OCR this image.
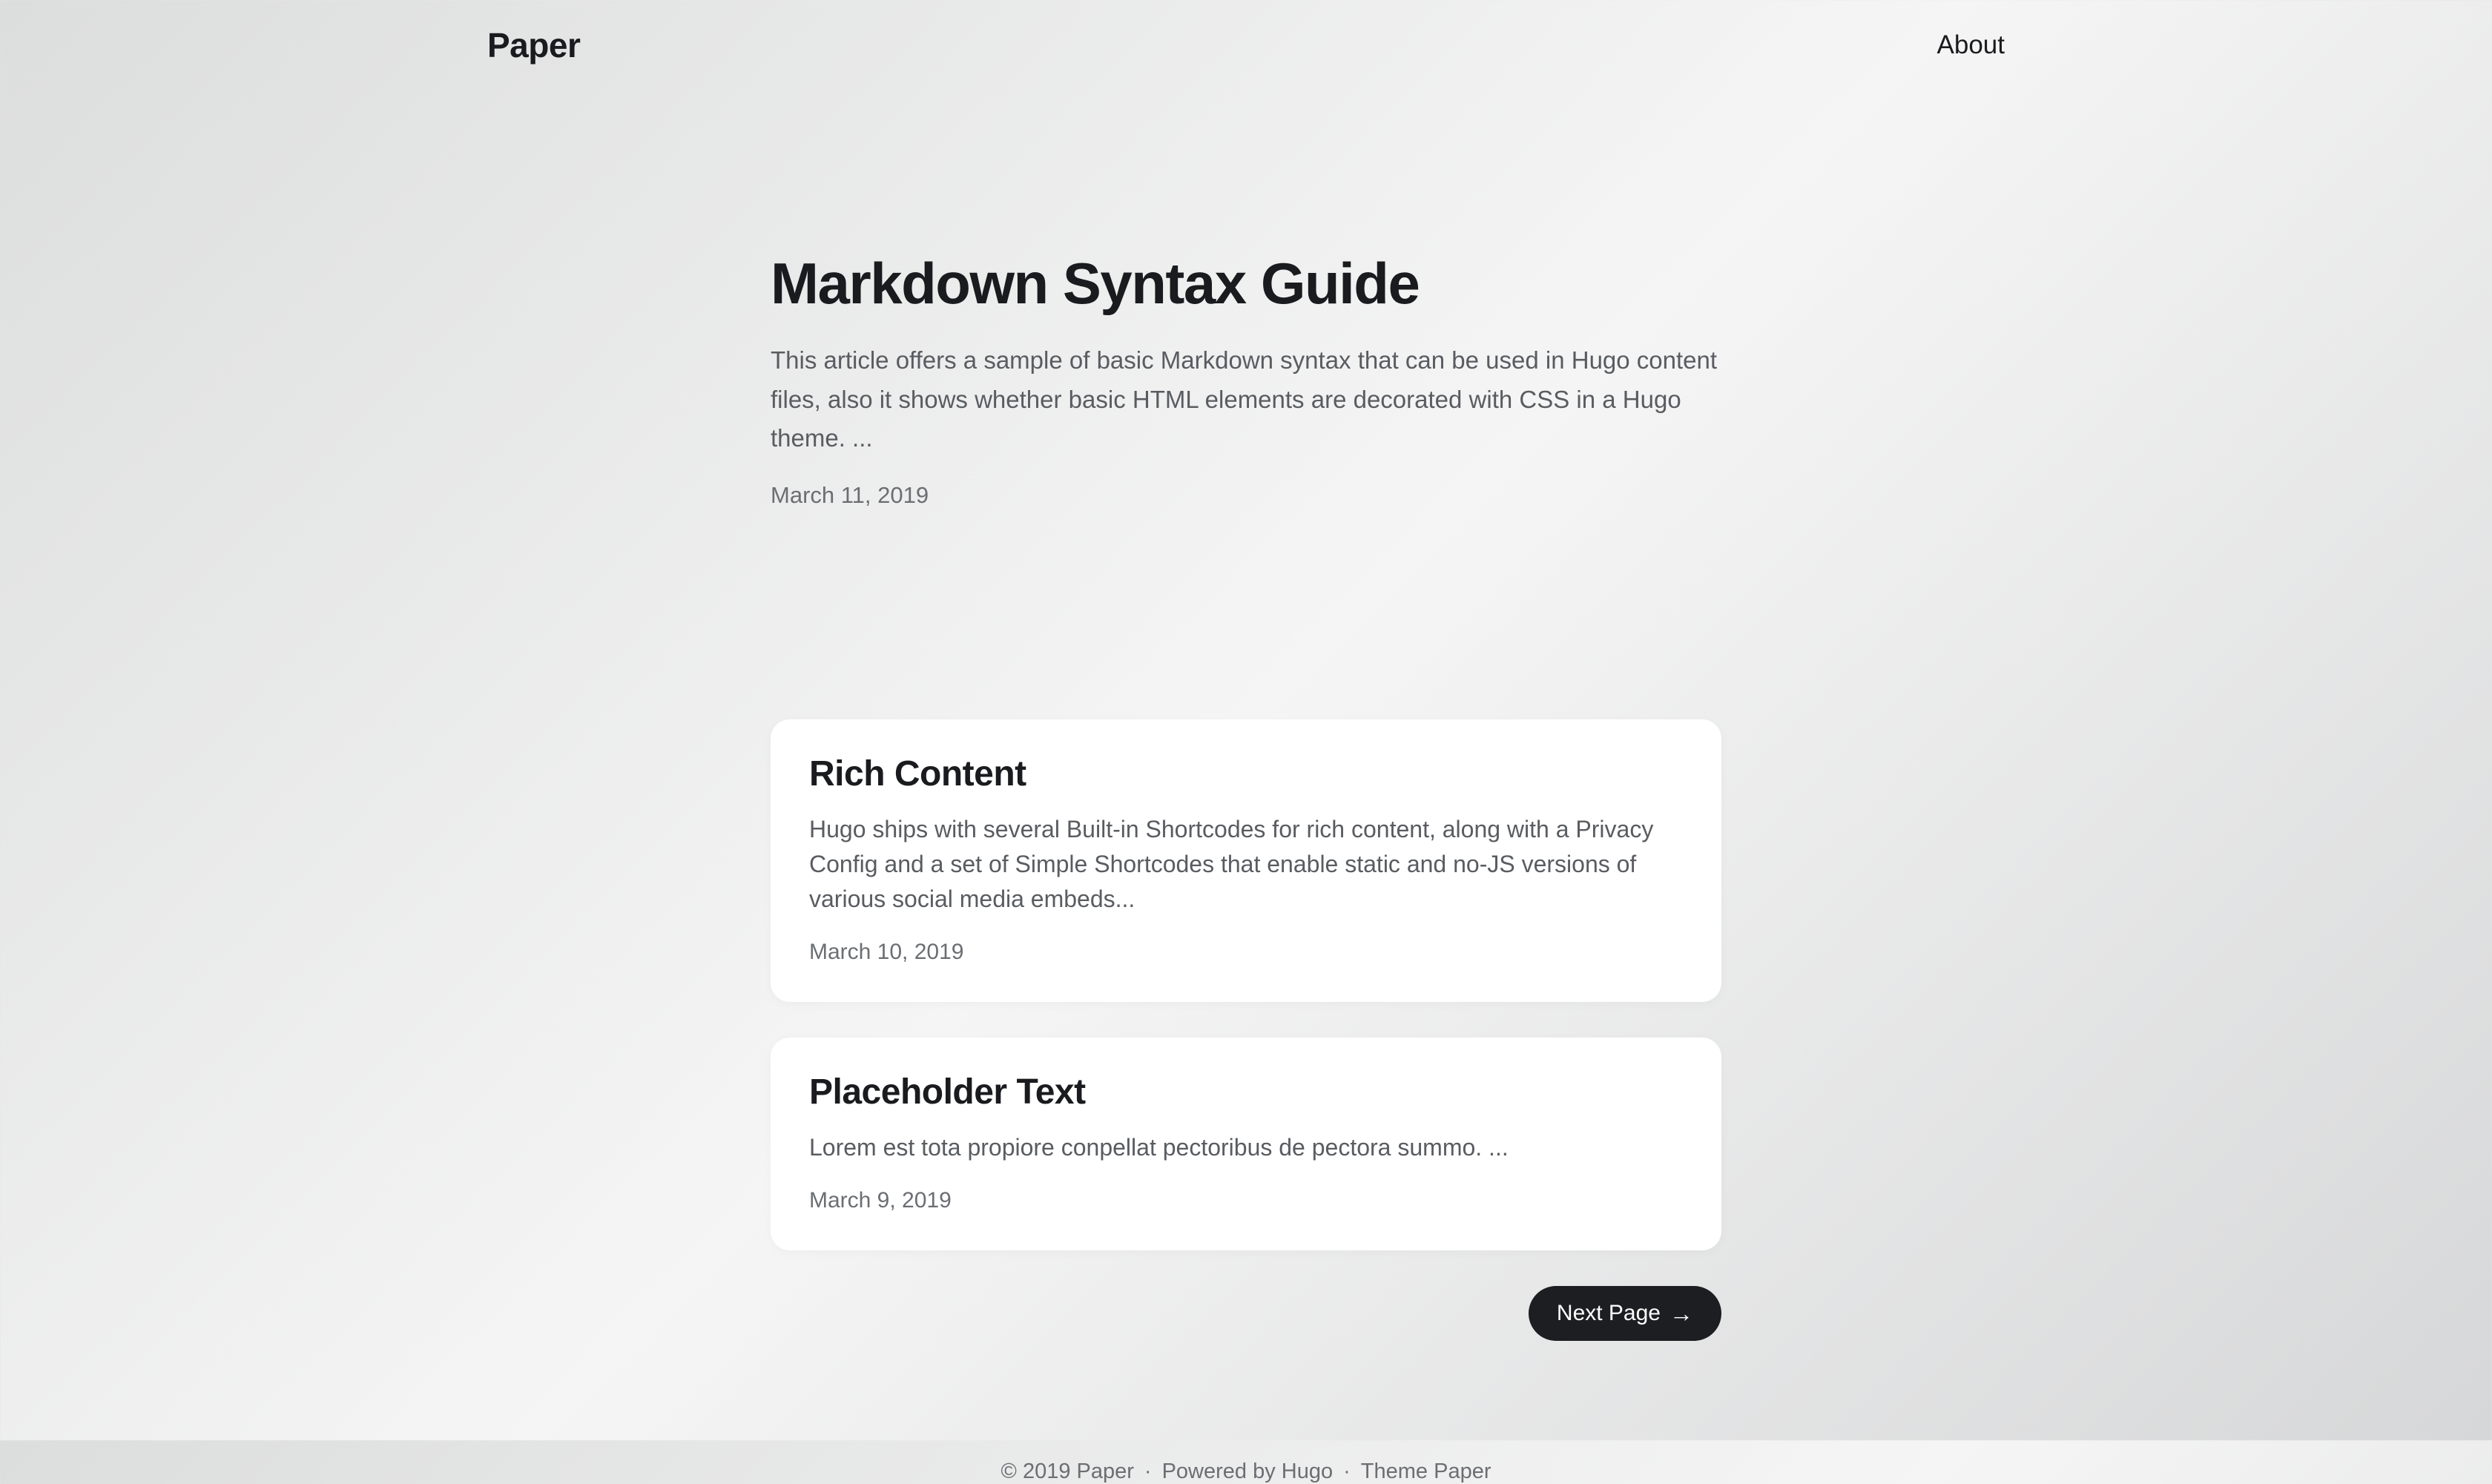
Paper	About
Markdown Syntax Guide

This article offers a sample of basic Markdown syntax that can be used in Hugo content files, also it shows whether basic HTML elements are decorated with CSS in a Hugo theme. ...

March 11, 2019
Rich Content

Hugo ships with several Built-in Shortcodes for rich content, along with a Privacy Config and a set of Simple Shortcodes that enable static and no-JS versions of various social media embeds...

March 10, 2019
Placeholder Text

Lorem est tota propiore conpellat pectoribus de pectora summo. ...

March 9, 2019
Next Page →
© 2019 Paper · Powered by Hugo · Theme Paper
